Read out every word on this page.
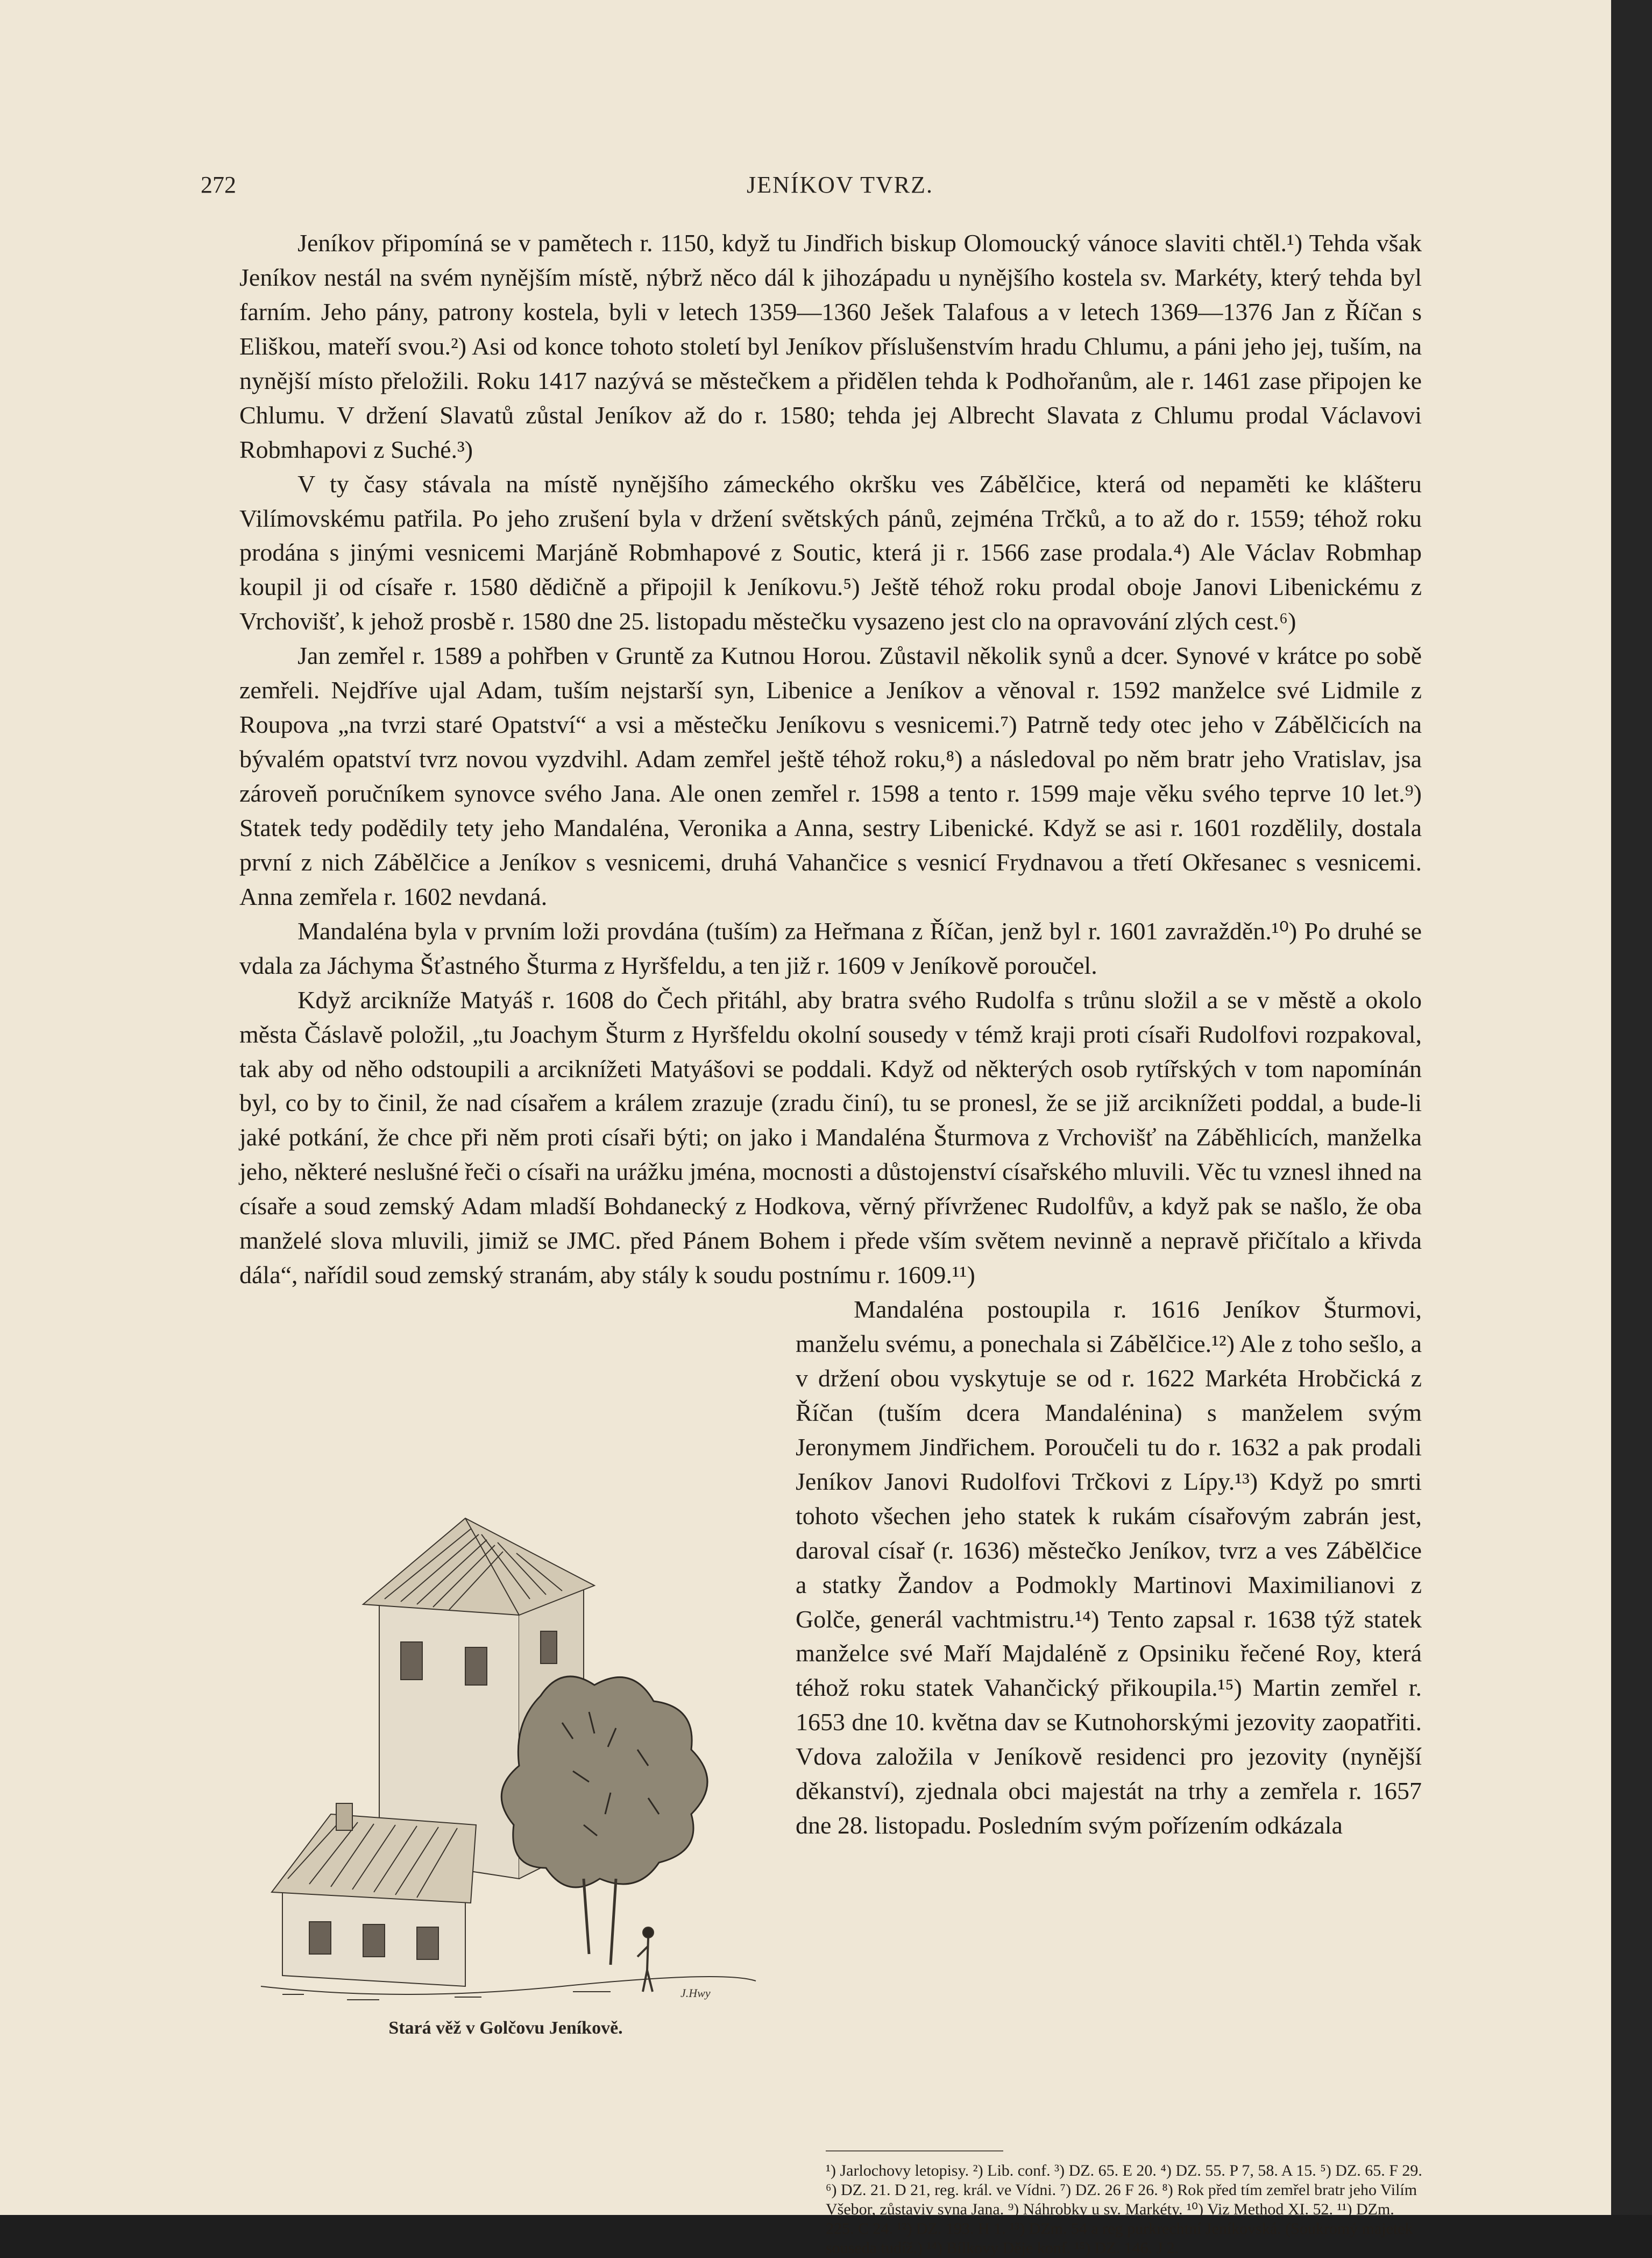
272	JENÍKOV TVRZ.

Jeníkov připomíná se v pamětech r. 1150, když tu Jindřich biskup Olomoucký vánoce slaviti chtěl.¹) Tehda však Jeníkov nestál na svém nynějším místě, nýbrž něco dál k jihozápadu u nynějšího kostela sv. Markéty, který tehda byl farním. Jeho pány, patrony kostela, byli v letech 1359—1360 Ješek Talafous a v letech 1369—1376 Jan z Říčan s Eliškou, mateří svou.²) Asi od konce tohoto století byl Jeníkov příslušenstvím hradu Chlumu, a páni jeho jej, tuším, na nynější místo přeložili. Roku 1417 nazývá se městečkem a přidělen tehda k Podhořanům, ale r. 1461 zase připojen ke Chlumu. V držení Slavatů zůstal Jeníkov až do r. 1580; tehda jej Albrecht Slavata z Chlumu prodal Václavovi Robmhapovi z Suché.³)

V ty časy stávala na místě nynějšího zámeckého okršku ves Zábělčice, která od nepaměti ke klášteru Vilímovskému patřila. Po jeho zrušení byla v držení světských pánů, zejména Trčků, a to až do r. 1559; téhož roku prodána s jinými vesnicemi Marjáně Robmhapové z Soutic, která ji r. 1566 zase prodala.⁴) Ale Václav Robmhap koupil ji od císaře r. 1580 dědičně a připojil k Jeníkovu.⁵) Ještě téhož roku prodal oboje Janovi Libenickému z Vrchovišť, k jehož prosbě r. 1580 dne 25. listopadu městečku vysazeno jest clo na opravování zlých cest.⁶)

Jan zemřel r. 1589 a pohřben v Gruntě za Kutnou Horou. Zůstavil několik synů a dcer. Synové v krátce po sobě zemřeli. Nejdříve ujal Adam, tuším nejstarší syn, Libenice a Jeníkov a věnoval r. 1592 manželce své Lidmile z Roupova „na tvrzi staré Opatství“ a vsi a městečku Jeníkovu s vesnicemi.⁷) Patrně tedy otec jeho v Zábělčicích na bývalém opatství tvrz novou vyzdvihl. Adam zemřel ještě téhož roku,⁸) a následoval po něm bratr jeho Vratislav, jsa zároveň poručníkem synovce svého Jana. Ale onen zemřel r. 1598 a tento r. 1599 maje věku svého teprve 10 let.⁹) Statek tedy podědily tety jeho Mandaléna, Veronika a Anna, sestry Libenické. Když se asi r. 1601 rozdělily, dostala první z nich Zábělčice a Jeníkov s vesnicemi, druhá Vahančice s vesnicí Frydnavou a třetí Okřesanec s vesnicemi. Anna zemřela r. 1602 nevdaná.

Mandaléna byla v prvním loži provdána (tuším) za Heřmana z Říčan, jenž byl r. 1601 zavražděn.¹⁰) Po druhé se vdala za Jáchyma Šťastného Šturma z Hyršfeldu, a ten již r. 1609 v Jeníkově poroučel.

Když arcikníže Matyáš r. 1608 do Čech přitáhl, aby bratra svého Rudolfa s trůnu složil a se v městě a okolo města Čáslavě položil, „tu Joachym Šturm z Hyršfeldu okolní sousedy v témž kraji proti císaři Rudolfovi rozpakoval, tak aby od něho odstoupili a arciknížeti Matyášovi se poddali. Když od některých osob rytířských v tom napomínán byl, co by to činil, že nad císařem a králem zrazuje (zradu činí), tu se pronesl, že se již arciknížeti poddal, a bude-li jaké potkání, že chce při něm proti císaři býti; on jako i Mandaléna Šturmova z Vrchovišť na Záběhlicích, manželka jeho, některé neslušné řeči o císaři na urážku jména, mocnosti a důstojenství císařského mluvili. Věc tu vznesl ihned na císaře a soud zemský Adam mladší Bohdanecký z Hodkova, věrný přívrženec Rudolfův, a když pak se našlo, že oba manželé slova mluvili, jimiž se JMC. před Pánem Bohem i přede vším světem nevinně a nepravě přičítalo a křivda dála“, nařídil soud zemský stranám, aby stály k soudu postnímu r. 1609.¹¹)

J.Hwy
Stará věž v Golčovu Jeníkově.

Mandaléna postoupila r. 1616 Jeníkov Šturmovi, manželu svému, a ponechala si Zábělčice.¹²) Ale z toho sešlo, a v držení obou vyskytuje se od r. 1622 Markéta Hrobčická z Říčan (tuším dcera Mandalénina) s manželem svým Jeronymem Jindřichem. Poroučeli tu do r. 1632 a pak prodali Jeníkov Janovi Rudolfovi Trčkovi z Lípy.¹³) Když po smrti tohoto všechen jeho statek k rukám císařovým zabrán jest, daroval císař (r. 1636) městečko Jeníkov, tvrz a ves Zábělčice a statky Žandov a Podmokly Martinovi Maximilianovi z Golče, generál vachtmistru.¹⁴) Tento zapsal r. 1638 týž statek manželce své Maří Majdaléně z Opsiniku řečené Roy, která téhož roku statek Vahančický přikoupila.¹⁵) Martin zemřel r. 1653 dne 10. května dav se Kutnohorskými jezovity zaopatřiti. Vdova založila v Jeníkově residenci pro jezovity (nynější děkanství), zjednala obci majestát na trhy a zemřela r. 1657 dne 28. listopadu. Posledním svým pořízením odkázala

¹) Jarlochovy letopisy. ²) Lib. conf. ³) DZ. 65. E 20. ⁴) DZ. 55. P 7, 58. A 15. ⁵) DZ. 65. F 29. ⁶) DZ. 21. D 21, reg. král. ve Vídni. ⁷) DZ. 26 F 26. ⁸) Rok před tím zemřel bratr jeho Vilím Všebor, zůstaviv syna Jana. ⁹) Náhrobky u sv. Markéty. ¹⁰) Viz Method XI. 52. ¹¹) DZm. 225. C 24. ¹²) DZ. 193. H 1. ¹³) DZm. 54 a reg purkrechtní Jeníkovská. (Soukromý majetek souseda tudíž.) ¹⁴) Bílkovy Děje konf. ¹⁵) DZ. 146. J 2.
